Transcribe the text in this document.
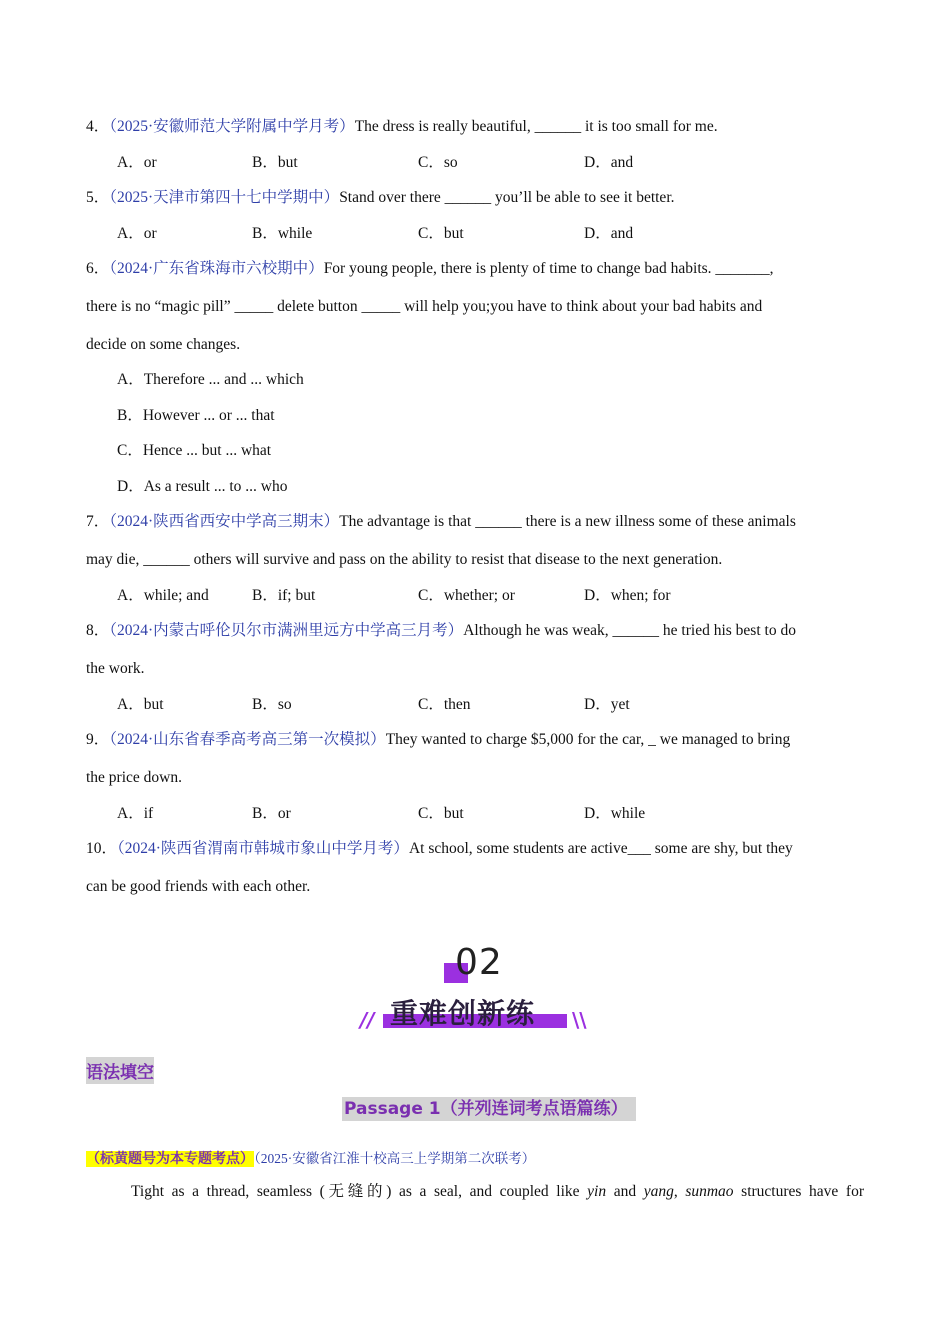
4．（2025·安徽师范大学附属中学月考）The dress is really beautiful, ______ it is too small for me.
A．or	B．but	C．so	D．and
5．（2025·天津市第四十七中学期中）Stand over there ______ you’ll be able to see it better.
A．or	B．while	C．but	D．and
6．（2024·广东省珠海市六校期中）For young people, there is plenty of time to change bad habits. _______,
there is no “magic pill” _____ delete button _____ will help you;you have to think about your bad habits and
decide on some changes.
A．Therefore ... and ... which
B．However ... or ... that
C．Hence ... but ... what
D．As a result ... to ... who
7．（2024·陕西省西安中学高三期末）The advantage is that ______ there is a new illness some of these animals
may die, ______ others will survive and pass on the ability to resist that disease to the next generation.
A．while; and	B．if; but	C．whether; or	D．when; for
8．（2024·内蒙古呼伦贝尔市满洲里远方中学高三月考）Although he was weak, ______ he tried his best to do
the work.
A．but	B．so	C．then	D．yet
9．（2024·山东省春季高考高三第一次模拟）They wanted to charge $5,000 for the car, _ we managed to bring
the price down.
A．if	B．or	C．but	D．while
10．（2024·陕西省渭南市韩城市象山中学月考）At school, some students are active___ some are shy, but they
can be good friends with each other.
02
重难创新练
//	\\
语法填空
Passage 1（并列连词考点语篇练）
（标黄题号为本专题考点）（2025·安徽省江淮十校高三上学期第二次联考）
Tight as a thread, seamless (无缝的) as a seal, and coupled like yin and yang, sunmao structures have for
